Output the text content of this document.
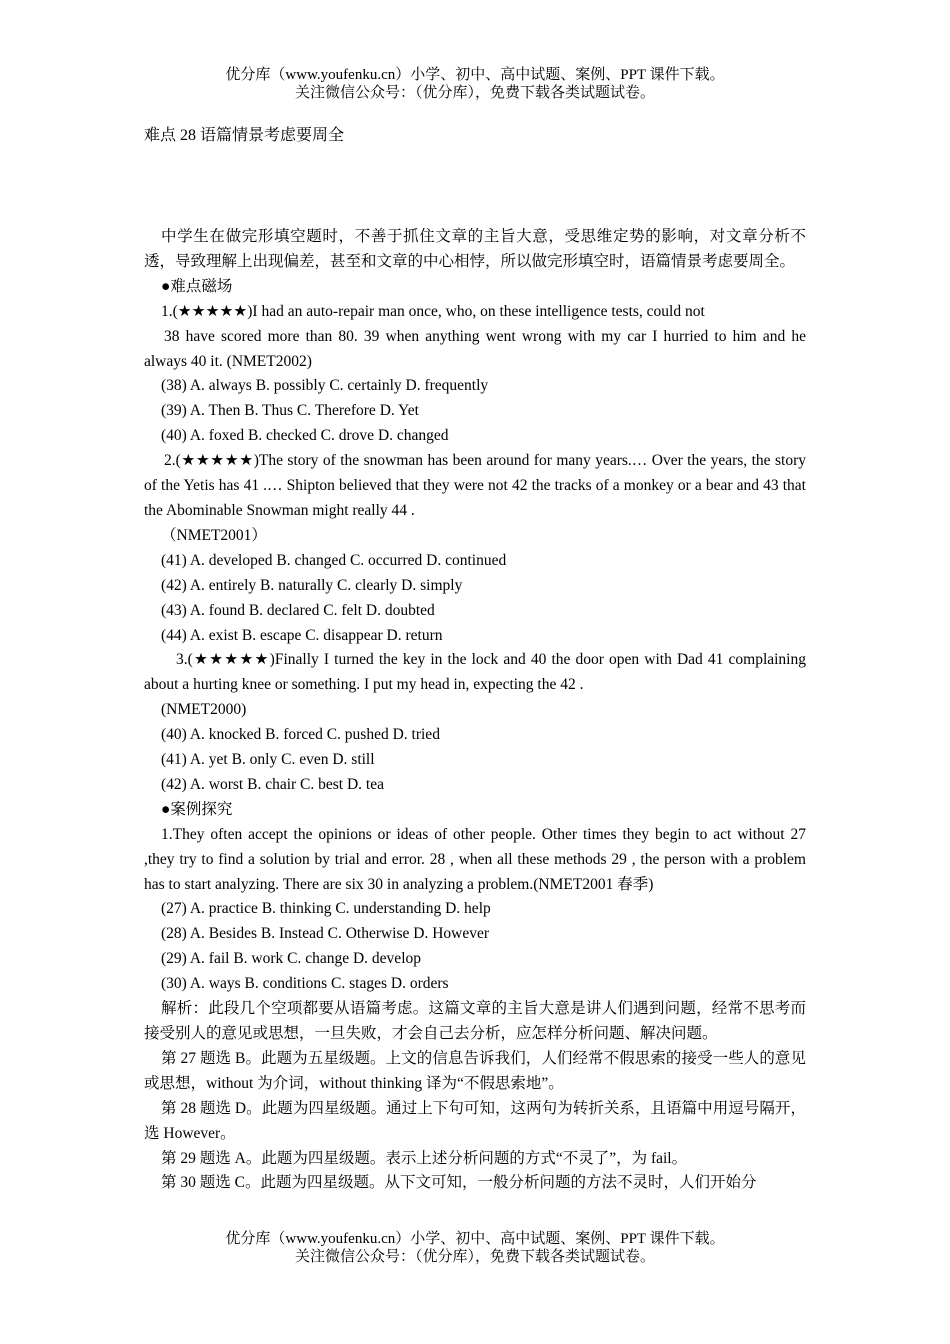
优分库（www.youfenku.cn）小学、初中、高中试题、案例、PPT 课件下载。
关注微信公众号：（优分库），免费下载各类试题试卷。
难点 28 语篇情景考虑要周全

中学生在做完形填空题时，不善于抓住文章的主旨大意，受思维定势的影响，对文章分析不透，导致理解上出现偏差，甚至和文章的中心相悖，所以做完形填空时，语篇情景考虑要周全。

●难点磁场

1.(★★★★★)I had an auto-repair man once, who, on these intelligence tests, could not

38 have scored more than 80. 39 when anything went wrong with my car I hurried to him and he always 40 it. (NMET2002)

(38) A. always B. possibly C. certainly D. frequently

(39) A. Then B. Thus C. Therefore D. Yet

(40) A. foxed B. checked C. drove D. changed

2.(★★★★★)The story of the snowman has been around for many years.… Over the years, the story of the Yetis has 41 .… Shipton believed that they were not 42 the tracks of a monkey or a bear and 43 that the Abominable Snowman might really 44 .

（NMET2001）

(41) A. developed B. changed C. occurred D. continued

(42) A. entirely B. naturally C. clearly D. simply

(43) A. found B. declared C. felt D. doubted

(44) A. exist B. escape C. disappear D. return

3.(★★★★★)Finally I turned the key in the lock and 40 the door open with Dad 41 complaining about a hurting knee or something. I put my head in, expecting the 42 .

(NMET2000)

(40) A. knocked B. forced C. pushed D. tried

(41) A. yet B. only C. even D. still

(42) A. worst B. chair C. best D. tea

●案例探究

1.They often accept the opinions or ideas of other people. Other times they begin to act without 27 ,they try to find a solution by trial and error. 28 , when all these methods 29 , the person with a problem has to start analyzing. There are six 30 in analyzing a problem.(NMET2001 春季)

(27) A. practice B. thinking C. understanding D. help

(28) A. Besides B. Instead C. Otherwise D. However

(29) A. fail B. work C. change D. develop

(30) A. ways B. conditions C. stages D. orders

解析：此段几个空项都要从语篇考虑。这篇文章的主旨大意是讲人们遇到问题，经常不思考而接受别人的意见或思想，一旦失败，才会自己去分析，应怎样分析问题、解决问题。

第 27 题选 B。此题为五星级题。上文的信息告诉我们，人们经常不假思索的接受一些人的意见或思想，without 为介词，without thinking 译为“不假思索地”。

第 28 题选 D。此题为四星级题。通过上下句可知，这两句为转折关系，且语篇中用逗号隔开，选 However。

第 29 题选 A。此题为四星级题。表示上述分析问题的方式“不灵了”，为 fail。

第 30 题选 C。此题为四星级题。从下文可知，一般分析问题的方法不灵时，人们开始分

优分库（www.youfenku.cn）小学、初中、高中试题、案例、PPT 课件下载。
关注微信公众号：（优分库），免费下载各类试题试卷。
